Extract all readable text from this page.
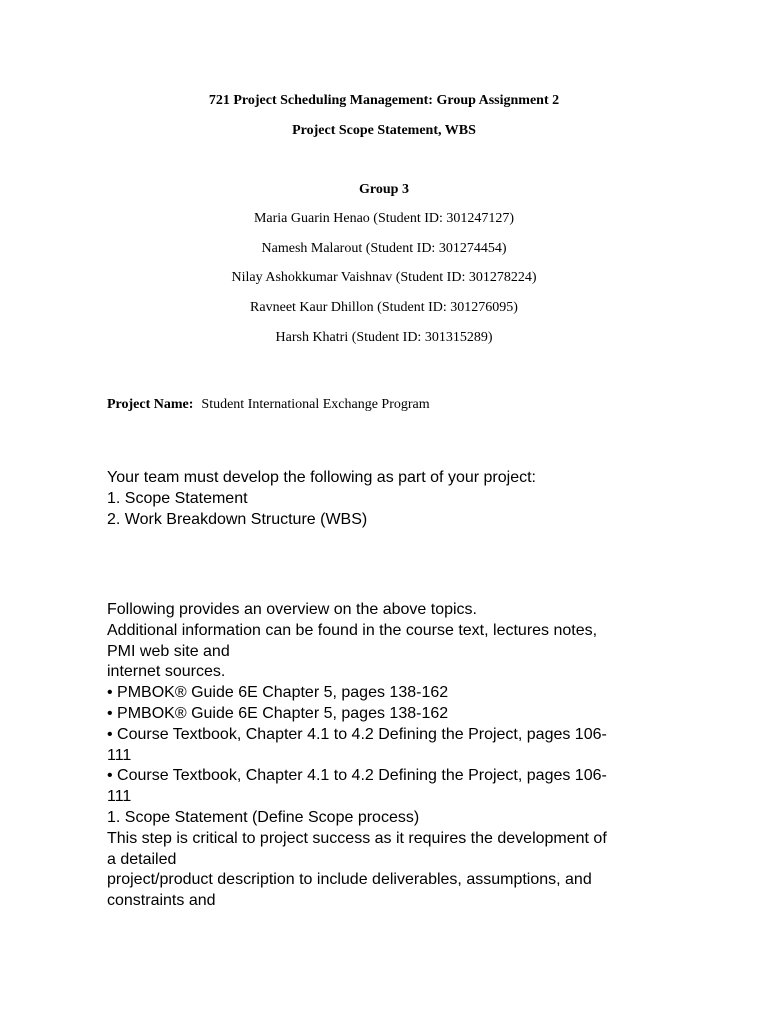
721 Project Scheduling Management: Group Assignment 2
Project Scope Statement, WBS
Group 3
Maria Guarin Henao (Student ID: 301247127)
Namesh Malarout (Student ID: 301274454)
Nilay Ashokkumar Vaishnav (Student ID: 301278224)
Ravneet Kaur Dhillon (Student ID: 301276095)
Harsh Khatri (Student ID: 301315289)
Project Name: Student International Exchange Program
Your team must develop the following as part of your project:
1. Scope Statement
2. Work Breakdown Structure (WBS)
Following provides an overview on the above topics.
Additional information can be found in the course text, lectures notes,
PMI web site and
internet sources.
• PMBOK® Guide 6E Chapter 5, pages 138-162
• PMBOK® Guide 6E Chapter 5, pages 138-162
• Course Textbook, Chapter 4.1 to 4.2 Defining the Project, pages 106-
111
• Course Textbook, Chapter 4.1 to 4.2 Defining the Project, pages 106-
111
1. Scope Statement (Define Scope process)
This step is critical to project success as it requires the development of
a detailed
project/product description to include deliverables, assumptions, and
constraints and
